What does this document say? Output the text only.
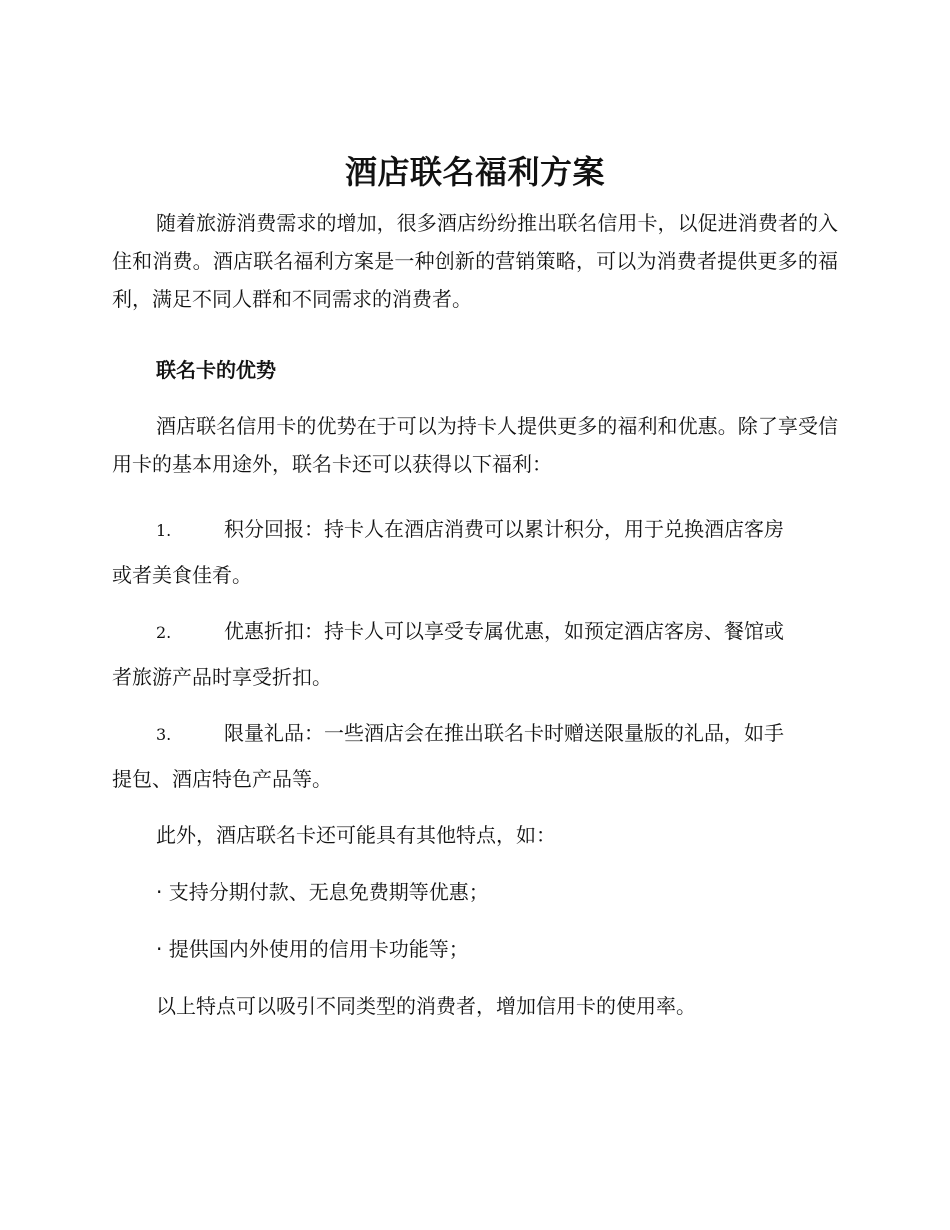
酒店联名福利方案
随着旅游消费需求的增加，很多酒店纷纷推出联名信用卡，以促进消费者的入住和消费。酒店联名福利方案是一种创新的营销策略，可以为消费者提供更多的福利，满足不同人群和不同需求的消费者。
联名卡的优势
酒店联名信用卡的优势在于可以为持卡人提供更多的福利和优惠。除了享受信用卡的基本用途外，联名卡还可以获得以下福利：
1.	积分回报：持卡人在酒店消费可以累计积分，用于兑换酒店客房
或者美食佳肴。
2.	优惠折扣：持卡人可以享受专属优惠，如预定酒店客房、餐馆或
者旅游产品时享受折扣。
3.	限量礼品：一些酒店会在推出联名卡时赠送限量版的礼品，如手
提包、酒店特色产品等。
此外，酒店联名卡还可能具有其他特点，如：
· 支持分期付款、无息免费期等优惠；
· 提供国内外使用的信用卡功能等；
以上特点可以吸引不同类型的消费者，增加信用卡的使用率。
